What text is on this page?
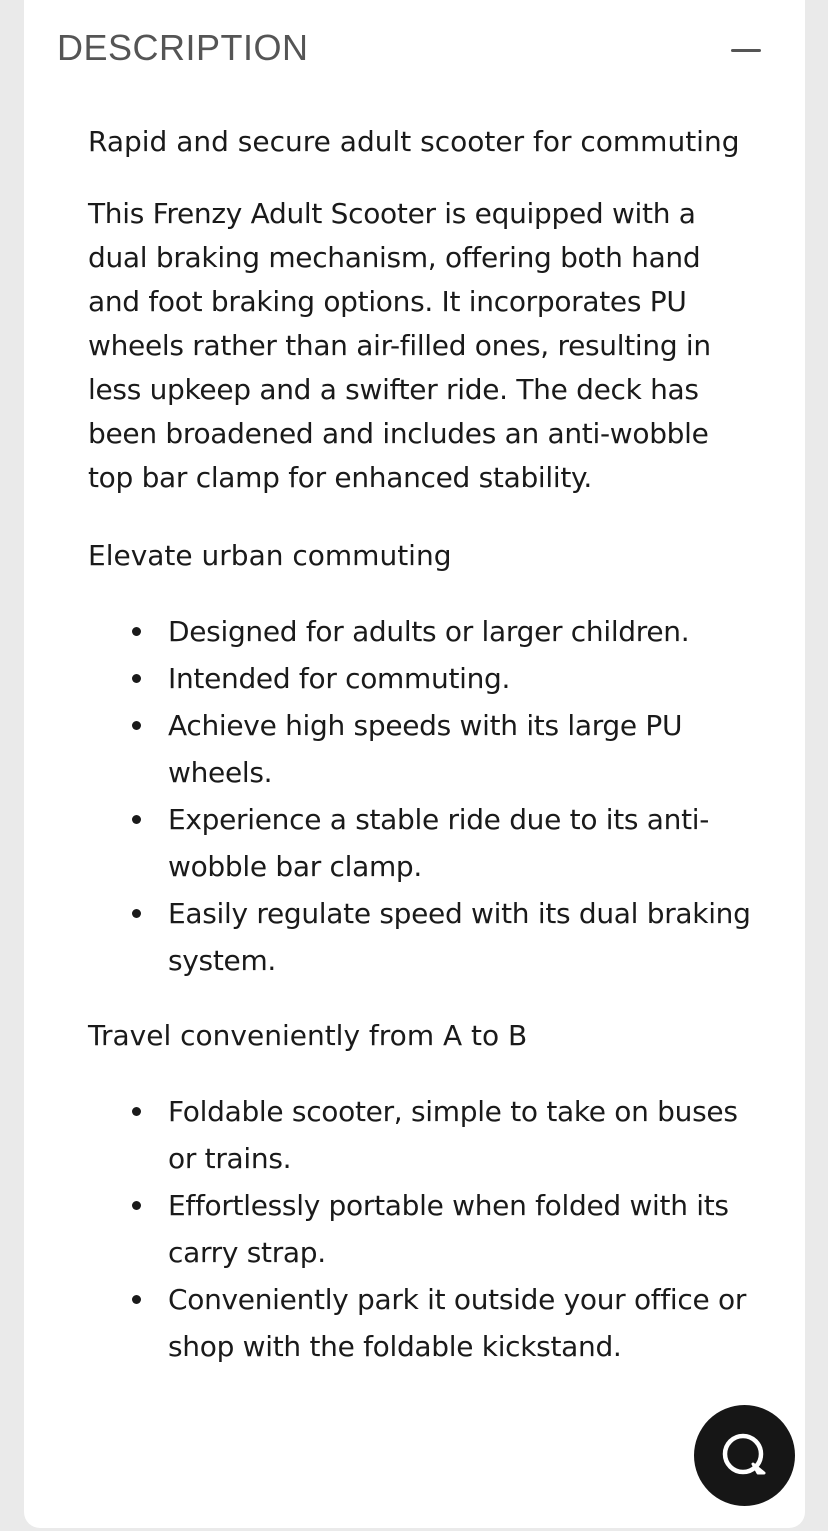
DESCRIPTION
Rapid and secure adult scooter for commuting

This Frenzy Adult Scooter is equipped with a dual braking mechanism, offering both hand and foot braking options. It incorporates PU wheels rather than air-filled ones, resulting in less upkeep and a swifter ride. The deck has been broadened and includes an anti-wobble top bar clamp for enhanced stability.

Elevate urban commuting
Designed for adults or larger children.
Intended for commuting.
Achieve high speeds with its large PU wheels.
Experience a stable ride due to its anti-wobble bar clamp.
Easily regulate speed with its dual braking system.
Travel conveniently from A to B
Foldable scooter, simple to take on buses or trains.
Effortlessly portable when folded with its carry strap.
Conveniently park it outside your office or shop with the foldable kickstand.
